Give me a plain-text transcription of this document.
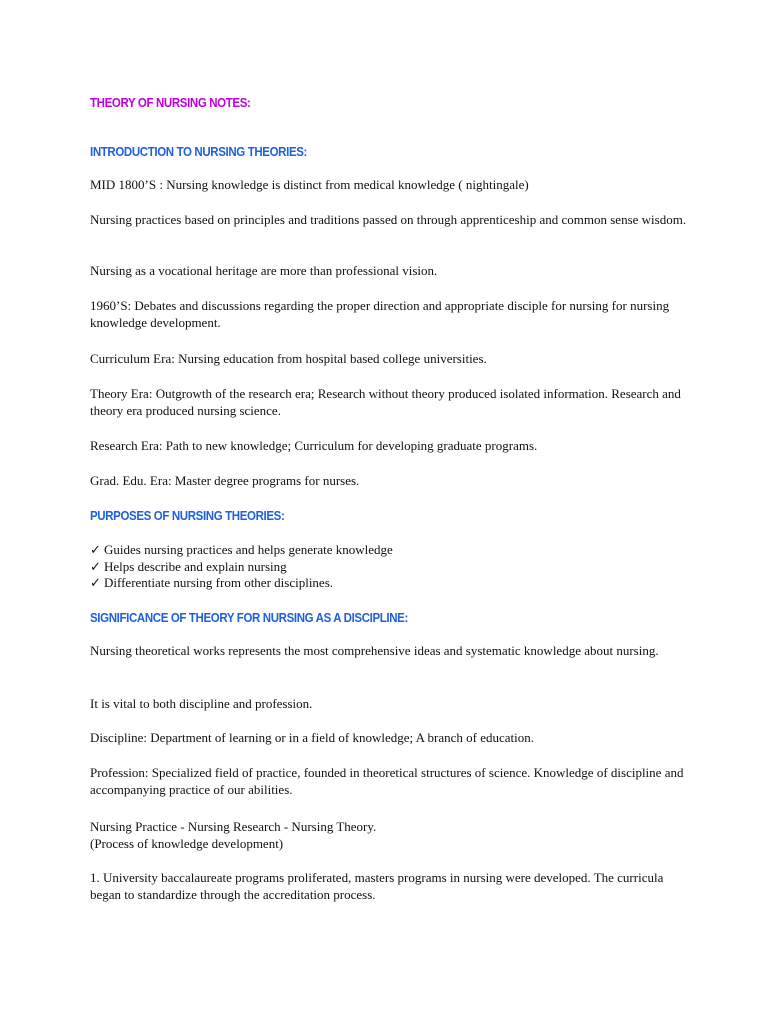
THEORY OF NURSING NOTES:
INTRODUCTION TO NURSING THEORIES:

MID 1800’S : Nursing knowledge is distinct from medical knowledge ( nightingale)

Nursing practices based on principles and traditions passed on through apprenticeship and common sense wisdom.

Nursing as a vocational heritage are more than professional vision.

1960’S: Debates and discussions regarding the proper direction and appropriate disciple for nursing for nursing knowledge development.

Curriculum Era: Nursing education from hospital based college universities.

Theory Era: Outgrowth of the research era; Research without theory produced isolated information. Research and theory era produced nursing science.

Research Era: Path to new knowledge; Curriculum for developing graduate programs.

Grad. Edu. Era: Master degree programs for nurses.

PURPOSES OF NURSING THEORIES:
✓ Guides nursing practices and helps generate knowledge
✓ Helps describe and explain nursing
✓ Differentiate nursing from other disciplines.
SIGNIFICANCE OF THEORY FOR NURSING AS A DISCIPLINE:

Nursing theoretical works represents the most comprehensive ideas and systematic knowledge about nursing.

It is vital to both discipline and profession.

Discipline: Department of learning or in a field of knowledge; A branch of education.

Profession: Specialized field of practice, founded in theoretical structures of science. Knowledge of discipline and accompanying practice of our abilities.

Nursing Practice - Nursing Research - Nursing Theory.

(Process of knowledge development)

1. University baccalaureate programs proliferated, masters programs in nursing were developed. The curricula began to standardize through the accreditation process.
